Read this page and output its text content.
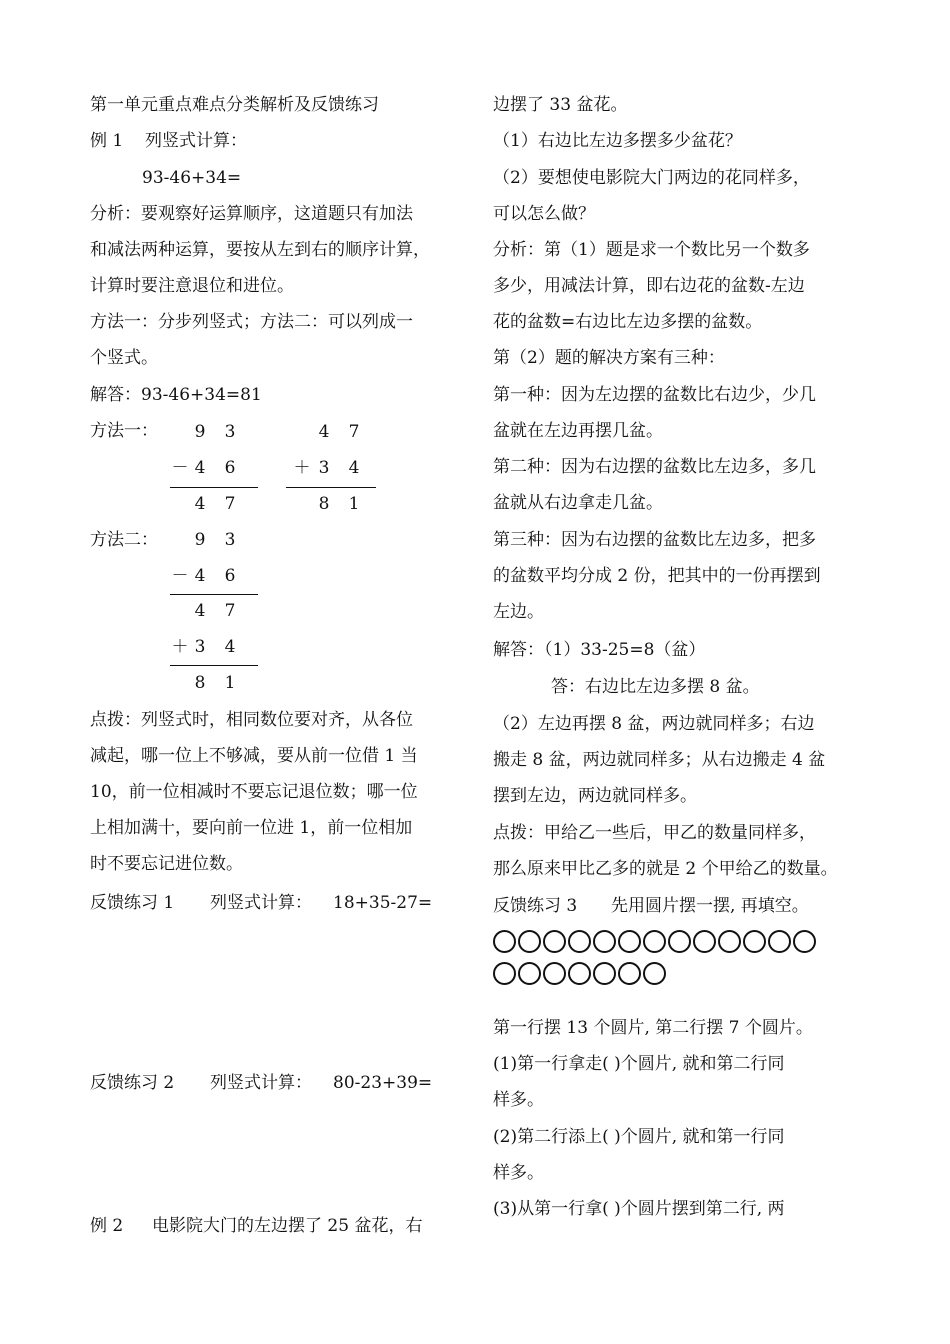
第一单元重点难点分类解析及反馈练习
例 1 列竖式计算：
93-46+34=
分析：要观察好运算顺序，这道题只有加法
和减法两种运算，要按从左到右的顺序计算，
计算时要注意退位和进位。
方法一：分步列竖式；方法二：可以列成一
个竖式。
解答：93-46+34=81
方法一： 9 3
－ 4 6
4 7
4 7
＋ 3 4
8 1
方法二： 9 3
－ 4 6
4 7
＋ 3 4
8 1
点拨：列竖式时，相同数位要对齐，从各位
减起，哪一位上不够减，要从前一位借 1 当
10，前一位相减时不要忘记退位数；哪一位
上相加满十，要向前一位进 1，前一位相加
时不要忘记进位数。
反馈练习 1 列竖式计算： 18+35-27=
反馈练习 2 列竖式计算： 80-23+39=
例 2 电影院大门的左边摆了 25 盆花，右
边摆了 33 盆花。
（1）右边比左边多摆多少盆花？
（2）要想使电影院大门两边的花同样多，
可以怎么做？
分析：第（1）题是求一个数比另一个数多
多少，用减法计算，即右边花的盆数-左边
花的盆数=右边比左边多摆的盆数。
第（2）题的解决方案有三种：
第一种：因为左边摆的盆数比右边少，少几
盆就在左边再摆几盆。
第二种：因为右边摆的盆数比左边多，多几
盆就从右边拿走几盆。
第三种：因为右边摆的盆数比左边多，把多
的盆数平均分成 2 份，把其中的一份再摆到
左边。
解答：（1）33-25=8（盆）
答：右边比左边多摆 8 盆。
（2）左边再摆 8 盆，两边就同样多；右边
搬走 8 盆，两边就同样多；从右边搬走 4 盆
摆到左边，两边就同样多。
点拨：甲给乙一些后，甲乙的数量同样多，
那么原来甲比乙多的就是 2 个甲给乙的数量。
反馈练习 3 先用圆片摆一摆, 再填空。
第一行摆 13 个圆片, 第二行摆 7 个圆片。
(1)第一行拿走( )个圆片, 就和第二行同
样多。
(2)第二行添上( )个圆片, 就和第一行同
样多。
(3)从第一行拿( )个圆片摆到第二行, 两
